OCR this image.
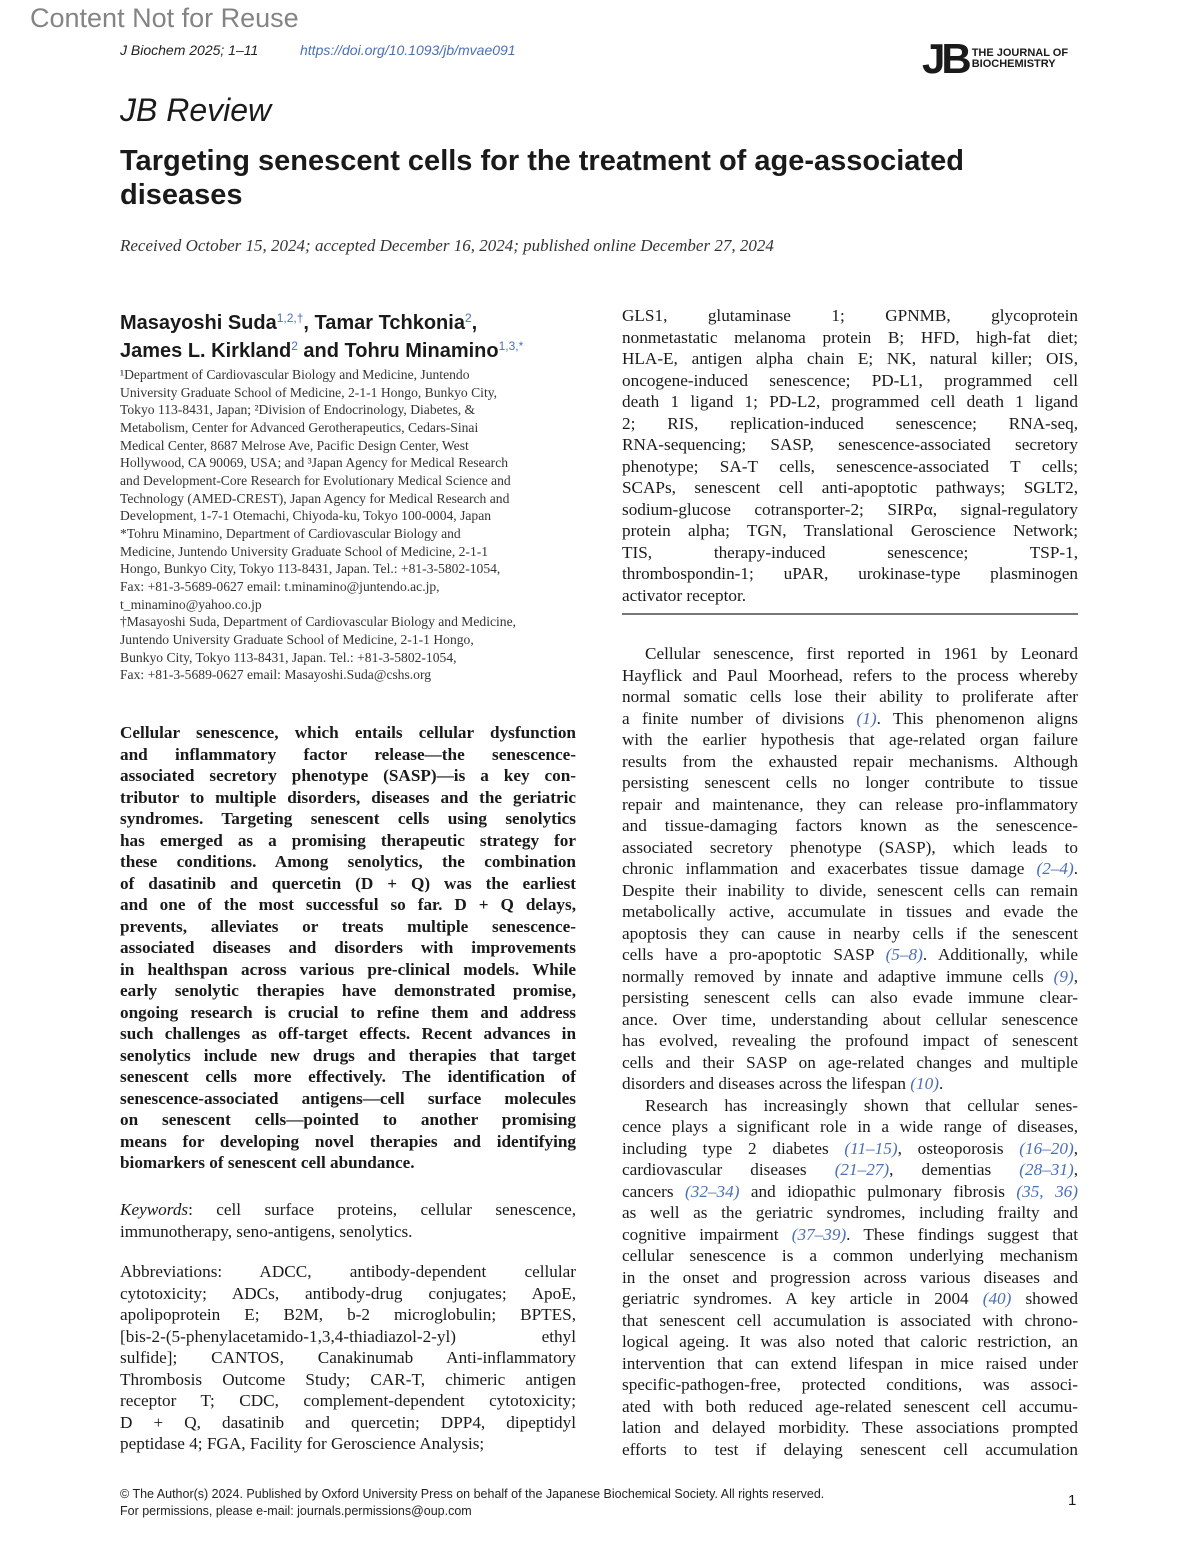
Content Not for Reuse
J Biochem 2025; 1–11	https://doi.org/10.1093/jb/mvae091	JB THE JOURNAL OF
BIOCHEMISTRY
JB Review
Targeting senescent cells for the treatment of age-associated diseases
Received October 15, 2024; accepted December 16, 2024; published online December 27, 2024
Masayoshi Suda$^{1,2,\dagger}$, Tamar Tchkonia$^2$,
James L. Kirkland$^2$ and Tohru Minamino$^{1,3,*}$
¹Department of Cardiovascular Biology and Medicine, Juntendo
University Graduate School of Medicine, 2-1-1 Hongo, Bunkyo City,
Tokyo 113-8431, Japan; ²Division of Endocrinology, Diabetes, &
Metabolism, Center for Advanced Gerotherapeutics, Cedars-Sinai
Medical Center, 8687 Melrose Ave, Pacific Design Center, West
Hollywood, CA 90069, USA; and ³Japan Agency for Medical Research
and Development-Core Research for Evolutionary Medical Science and
Technology (AMED-CREST), Japan Agency for Medical Research and
Development, 1-7-1 Otemachi, Chiyoda-ku, Tokyo 100-0004, Japan
*Tohru Minamino, Department of Cardiovascular Biology and
Medicine, Juntendo University Graduate School of Medicine, 2-1-1
Hongo, Bunkyo City, Tokyo 113-8431, Japan. Tel.: +81-3-5802-1054,
Fax: +81-3-5689-0627 email: t.minamino@juntendo.ac.jp,
t_minamino@yahoo.co.jp
†Masayoshi Suda, Department of Cardiovascular Biology and Medicine,
Juntendo University Graduate School of Medicine, 2-1-1 Hongo,
Bunkyo City, Tokyo 113-8431, Japan. Tel.: +81-3-5802-1054,
Fax: +81-3-5689-0627 email: Masayoshi.Suda@cshs.org
Cellular senescence, which entails cellular dysfunction
and inflammatory factor release—the senescence-
associated secretory phenotype (SASP)—is a key con-
tributor to multiple disorders, diseases and the geriatric
syndromes. Targeting senescent cells using senolytics
has emerged as a promising therapeutic strategy for
these conditions. Among senolytics, the combination
of dasatinib and quercetin (D + Q) was the earliest
and one of the most successful so far. D + Q delays,
prevents, alleviates or treats multiple senescence-
associated diseases and disorders with improvements
in healthspan across various pre-clinical models. While
early senolytic therapies have demonstrated promise,
ongoing research is crucial to refine them and address
such challenges as off-target effects. Recent advances in
senolytics include new drugs and therapies that target
senescent cells more effectively. The identification of
senescence-associated antigens—cell surface molecules
on senescent cells—pointed to another promising
means for developing novel therapies and identifying
biomarkers of senescent cell abundance.
Keywords: cell surface proteins, cellular senescence,
immunotherapy, seno-antigens, senolytics.
Abbreviations: ADCC, antibody-dependent cellular
cytotoxicity; ADCs, antibody-drug conjugates; ApoE,
apolipoprotein E; B2M, b-2 microglobulin; BPTES,
[bis-2-(5-phenylacetamido-1,3,4-thiadiazol-2-yl) ethyl
sulfide]; CANTOS, Canakinumab Anti-inflammatory
Thrombosis Outcome Study; CAR-T, chimeric antigen
receptor T; CDC, complement-dependent cytotoxicity;
D + Q, dasatinib and quercetin; DPP4, dipeptidyl
peptidase 4; FGA, Facility for Geroscience Analysis;
GLS1, glutaminase 1; GPNMB, glycoprotein
nonmetastatic melanoma protein B; HFD, high-fat diet;
HLA-E, antigen alpha chain E; NK, natural killer; OIS,
oncogene-induced senescence; PD-L1, programmed cell
death 1 ligand 1; PD-L2, programmed cell death 1 ligand
2; RIS, replication-induced senescence; RNA-seq,
RNA-sequencing; SASP, senescence-associated secretory
phenotype; SA-T cells, senescence-associated T cells;
SCAPs, senescent cell anti-apoptotic pathways; SGLT2,
sodium-glucose cotransporter-2; SIRPα, signal-regulatory
protein alpha; TGN, Translational Geroscience Network;
TIS, therapy-induced senescence; TSP-1,
thrombospondin-1; uPAR, urokinase-type plasminogen
activator receptor.
Cellular senescence, first reported in 1961 by Leonard
Hayflick and Paul Moorhead, refers to the process whereby
normal somatic cells lose their ability to proliferate after
a finite number of divisions (1). This phenomenon aligns
with the earlier hypothesis that age-related organ failure
results from the exhausted repair mechanisms. Although
persisting senescent cells no longer contribute to tissue
repair and maintenance, they can release pro-inflammatory
and tissue-damaging factors known as the senescence-
associated secretory phenotype (SASP), which leads to
chronic inflammation and exacerbates tissue damage (2–4).
Despite their inability to divide, senescent cells can remain
metabolically active, accumulate in tissues and evade the
apoptosis they can cause in nearby cells if the senescent
cells have a pro-apoptotic SASP (5–8). Additionally, while
normally removed by innate and adaptive immune cells (9),
persisting senescent cells can also evade immune clear-
ance. Over time, understanding about cellular senescence
has evolved, revealing the profound impact of senescent
cells and their SASP on age-related changes and multiple
disorders and diseases across the lifespan (10).
Research has increasingly shown that cellular senes-
cence plays a significant role in a wide range of diseases,
including type 2 diabetes (11–15), osteoporosis (16–20),
cardiovascular diseases (21–27), dementias (28–31),
cancers (32–34) and idiopathic pulmonary fibrosis (35, 36)
as well as the geriatric syndromes, including frailty and
cognitive impairment (37–39). These findings suggest that
cellular senescence is a common underlying mechanism
in the onset and progression across various diseases and
geriatric syndromes. A key article in 2004 (40) showed
that senescent cell accumulation is associated with chrono-
logical ageing. It was also noted that caloric restriction, an
intervention that can extend lifespan in mice raised under
specific-pathogen-free, protected conditions, was associ-
ated with both reduced age-related senescent cell accumu-
lation and delayed morbidity. These associations prompted
efforts to test if delaying senescent cell accumulation
© The Author(s) 2024. Published by Oxford University Press on behalf of the Japanese Biochemical Society. All rights reserved.
For permissions, please e-mail: journals.permissions@oup.com
1
